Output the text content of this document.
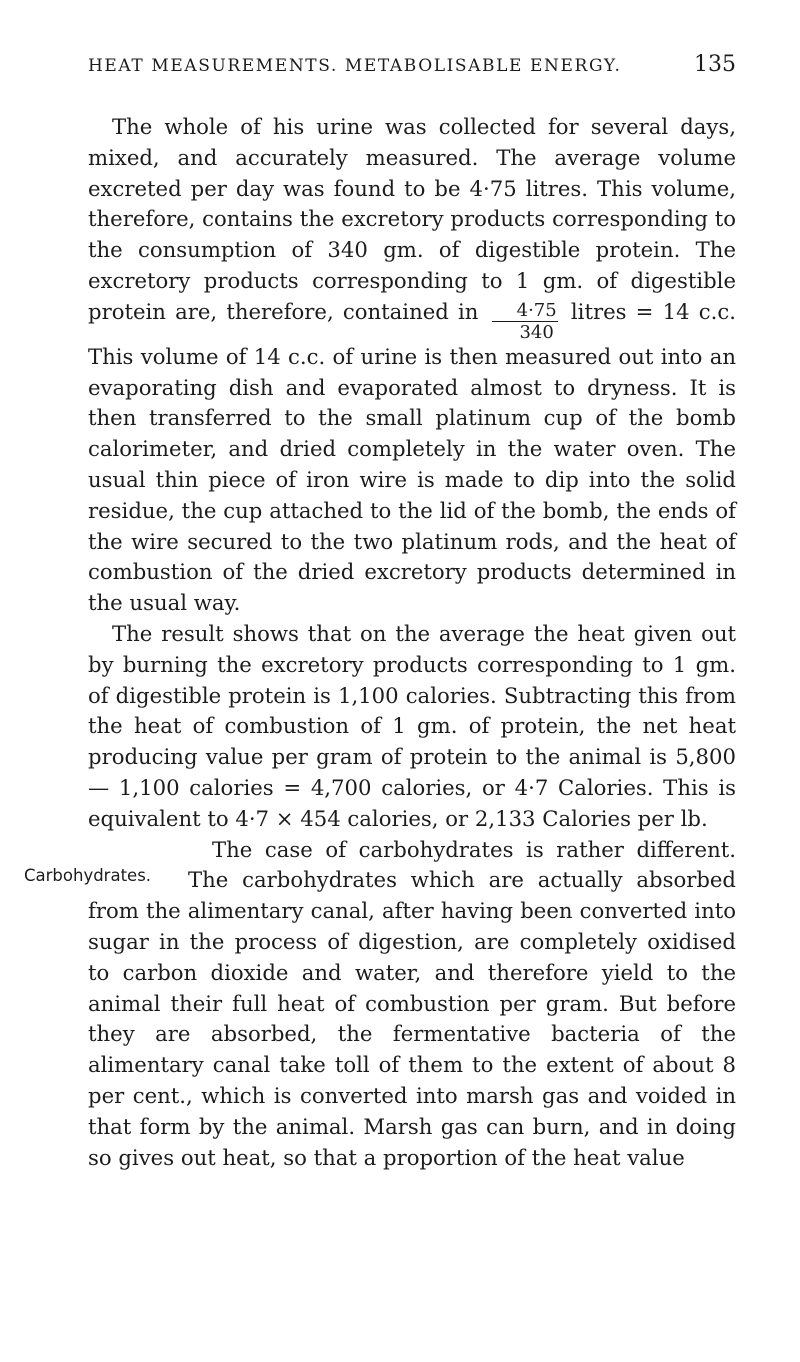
HEAT MEASUREMENTS. METABOLISABLE ENERGY.	135

The whole of his urine was collected for several days, mixed, and accurately measured. The average volume excreted per day was found to be 4·75 litres. This volume, therefore, contains the excretory products corresponding to the consumption of 340 gm. of digestible protein. The excretory products corresponding to 1 gm. of digestible protein are, therefore, contained in $\frac{4\cdot 75}{340}$ litres = 14 c.c. This volume of 14 c.c. of urine is then measured out into an evaporating dish and evaporated almost to dryness. It is then transferred to the small platinum cup of the bomb calorimeter, and dried completely in the water oven. The usual thin piece of iron wire is made to dip into the solid residue, the cup attached to the lid of the bomb, the ends of the wire secured to the two platinum rods, and the heat of combustion of the dried excretory products determined in the usual way.

The result shows that on the average the heat given out by burning the excretory products corresponding to 1 gm. of digestible protein is 1,100 calories. Subtracting this from the heat of combustion of 1 gm. of protein, the net heat producing value per gram of protein to the animal is 5,800 — 1,100 calories = 4,700 calories, or 4·7 Calories. This is equivalent to 4·7 × 454 calories, or 2,133 Calories per lb.

Carbohydrates.
The case of carbohydrates is rather different. The carbohydrates which are actually absorbed from the alimentary canal, after having been converted into sugar in the process of digestion, are completely oxidised to carbon dioxide and water, and therefore yield to the animal their full heat of combustion per gram. But before they are absorbed, the fermentative bacteria of the alimentary canal take toll of them to the extent of about 8 per cent., which is converted into marsh gas and voided in that form by the animal. Marsh gas can burn, and in doing so gives out heat, so that a proportion of the heat value
